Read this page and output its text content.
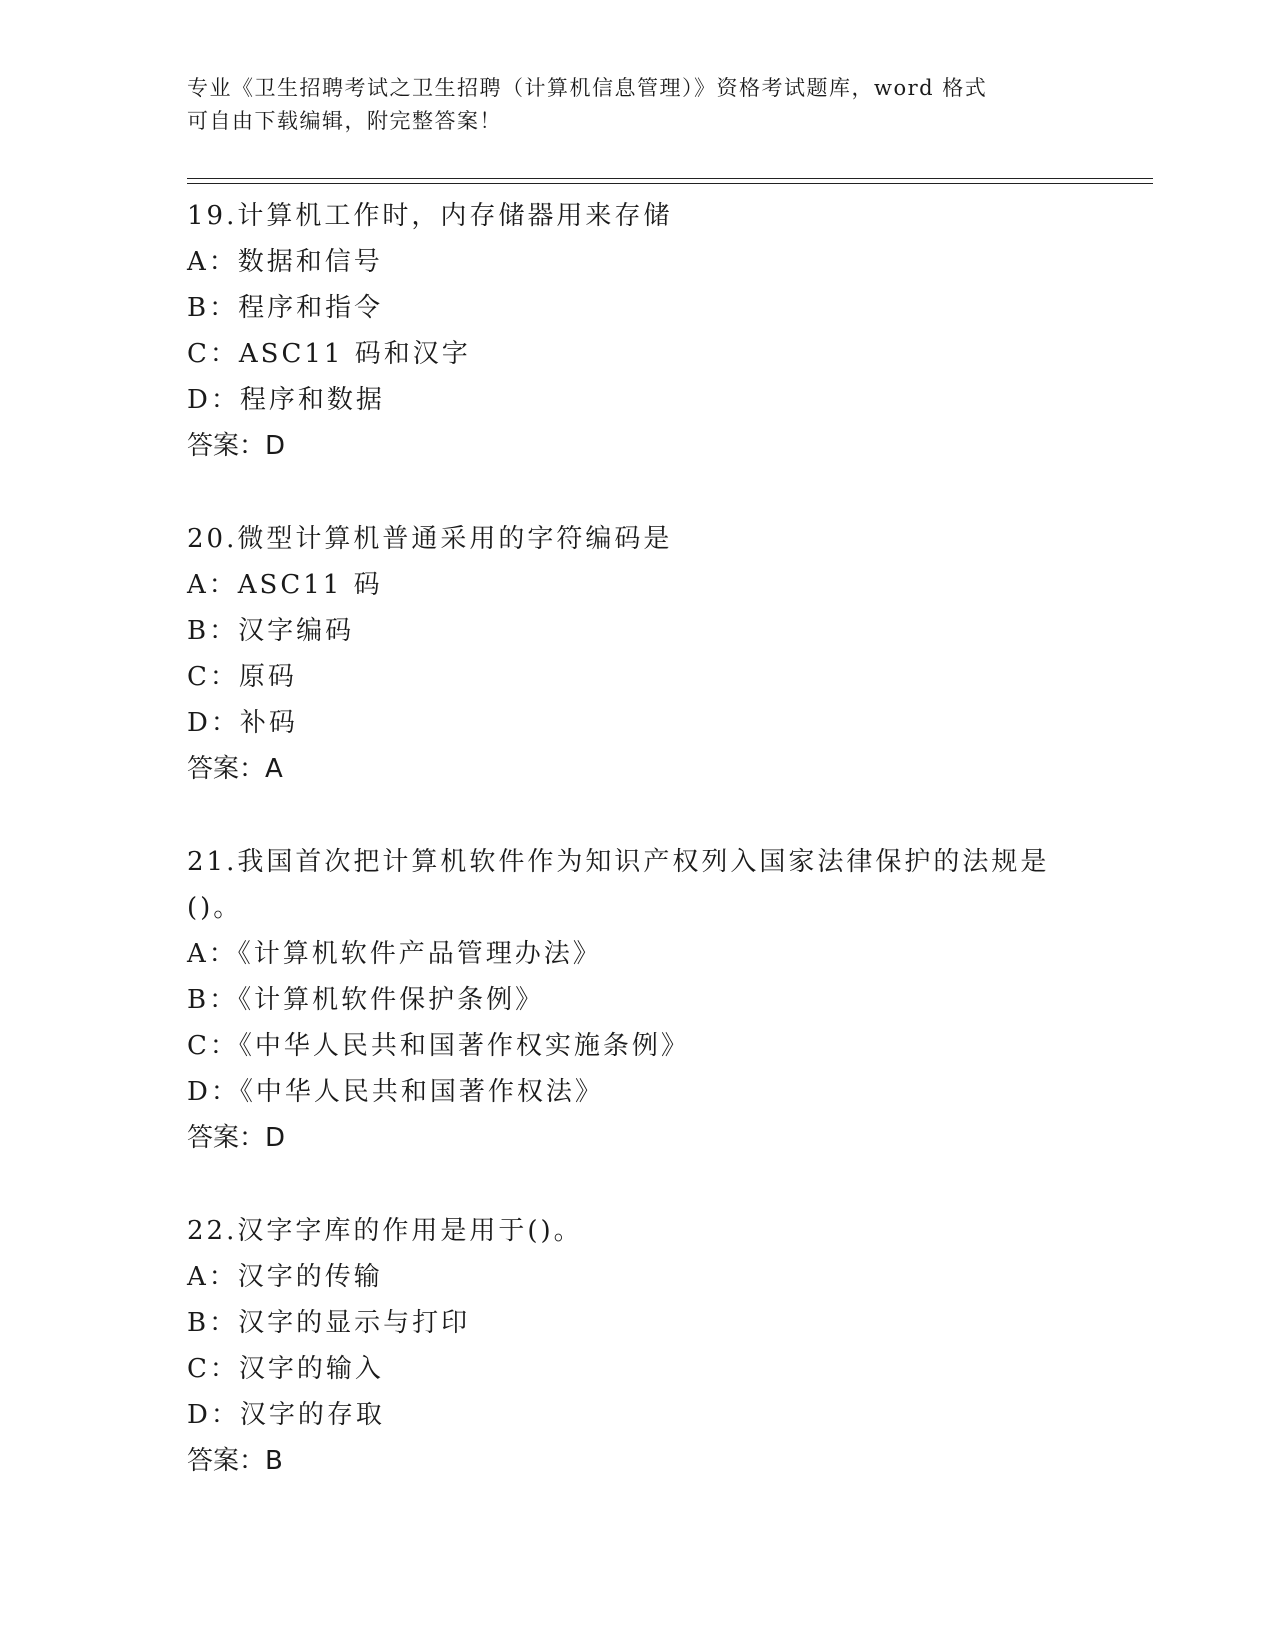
专业《卫生招聘考试之卫生招聘（计算机信息管理）》资格考试题库，word 格式
可自由下载编辑，附完整答案！
19.计算机工作时，内存储器用来存储
A：数据和信号
B：程序和指令
C：ASC11 码和汉字
D：程序和数据
答案：D
20.微型计算机普通采用的字符编码是
A：ASC11 码
B：汉字编码
C：原码
D：补码
答案：A
21.我国首次把计算机软件作为知识产权列入国家法律保护的法规是()。
A：《计算机软件产品管理办法》
B：《计算机软件保护条例》
C：《中华人民共和国著作权实施条例》
D：《中华人民共和国著作权法》
答案：D
22.汉字字库的作用是用于()。
A：汉字的传输
B：汉字的显示与打印
C：汉字的输入
D：汉字的存取
答案：B
